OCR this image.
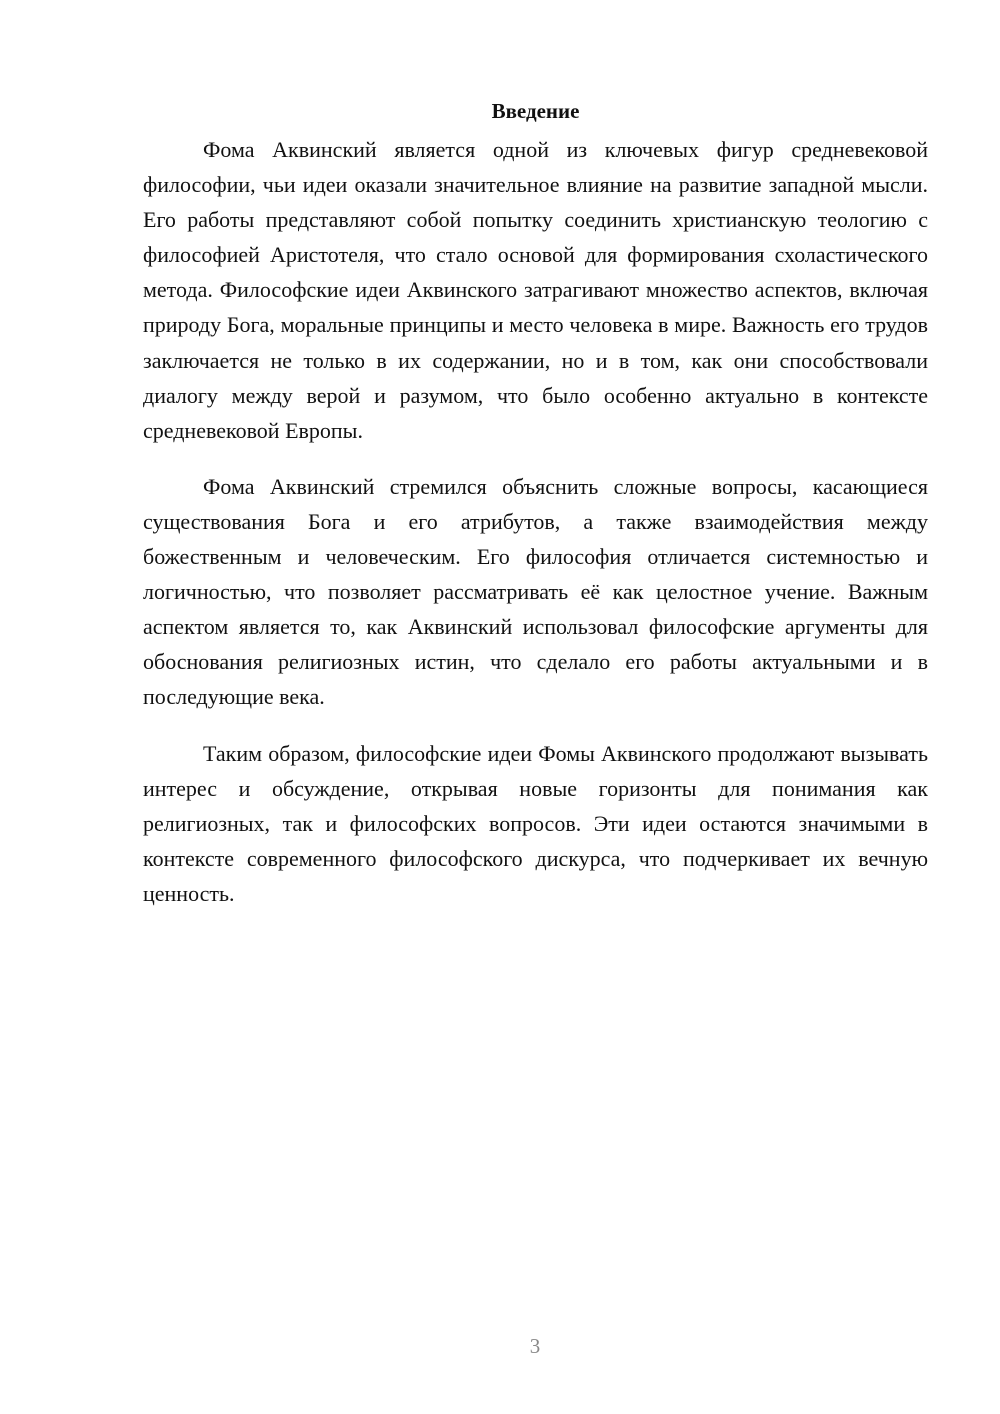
Введение

Фома Аквинский является одной из ключевых фигур средневековой философии, чьи идеи оказали значительное влияние на развитие западной мысли. Его работы представляют собой попытку соединить христианскую теологию с философией Аристотеля, что стало основой для формирования схоластического метода. Философские идеи Аквинского затрагивают множество аспектов, включая природу Бога, моральные принципы и место человека в мире. Важность его трудов заключается не только в их содержании, но и в том, как они способствовали диалогу между верой и разумом, что было особенно актуально в контексте средневековой Европы.

Фома Аквинский стремился объяснить сложные вопросы, касающиеся существования Бога и его атрибутов, а также взаимодействия между божественным и человеческим. Его философия отличается системностью и логичностью, что позволяет рассматривать её как целостное учение. Важным аспектом является то, как Аквинский использовал философские аргументы для обоснования религиозных истин, что сделало его работы актуальными и в последующие века.

Таким образом, философские идеи Фомы Аквинского продолжают вызывать интерес и обсуждение, открывая новые горизонты для понимания как религиозных, так и философских вопросов. Эти идеи остаются значимыми в контексте современного философского дискурса, что подчеркивает их вечную ценность.

3
